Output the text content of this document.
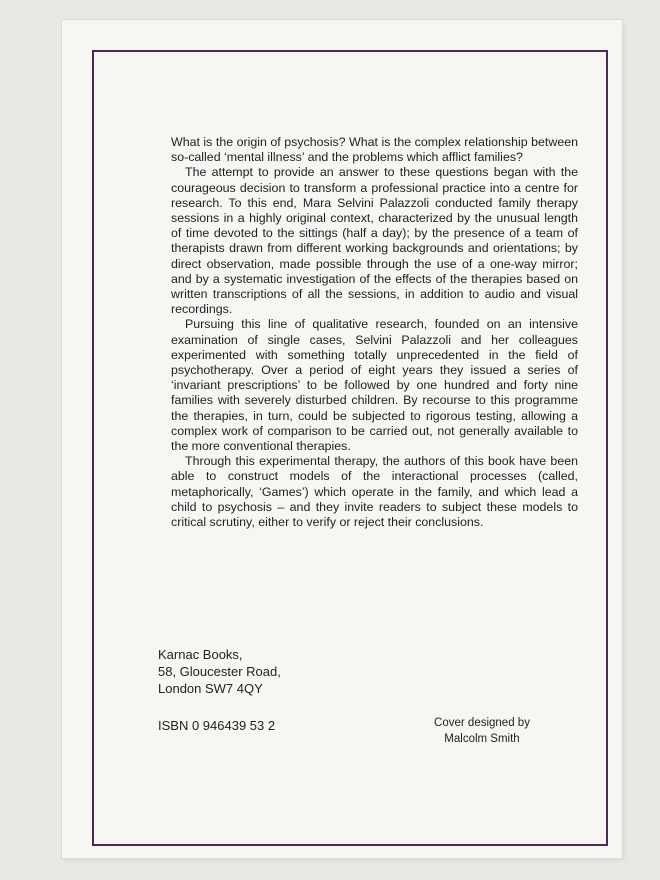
What is the origin of psychosis? What is the complex relationship between so-called ‘mental illness’ and the problems which afflict families?

The attempt to provide an answer to these questions began with the courageous decision to transform a professional practice into a centre for research. To this end, Mara Selvini Palazzoli conducted family therapy sessions in a highly original context, characterized by the unusual length of time devoted to the sittings (half a day); by the presence of a team of therapists drawn from different working backgrounds and orientations; by direct observation, made possible through the use of a one-way mirror; and by a systematic investigation of the effects of the therapies based on written transcriptions of all the sessions, in addition to audio and visual recordings.

Pursuing this line of qualitative research, founded on an intensive examination of single cases, Selvini Palazzoli and her colleagues experimented with something totally unprecedented in the field of psychotherapy. Over a period of eight years they issued a series of ‘invariant prescriptions’ to be followed by one hundred and forty nine families with severely disturbed children. By recourse to this programme the therapies, in turn, could be subjected to rigorous testing, allowing a complex work of comparison to be carried out, not generally available to the more conventional therapies.

Through this experimental therapy, the authors of this book have been able to construct models of the interactional processes (called, metaphorically, ‘Games’) which operate in the family, and which lead a child to psychosis – and they invite readers to subject these models to critical scrutiny, either to verify or reject their conclusions.

Karnac Books,
58, Gloucester Road,
London SW7 4QY
ISBN 0 946439 53 2	Cover designed by
Malcolm Smith
